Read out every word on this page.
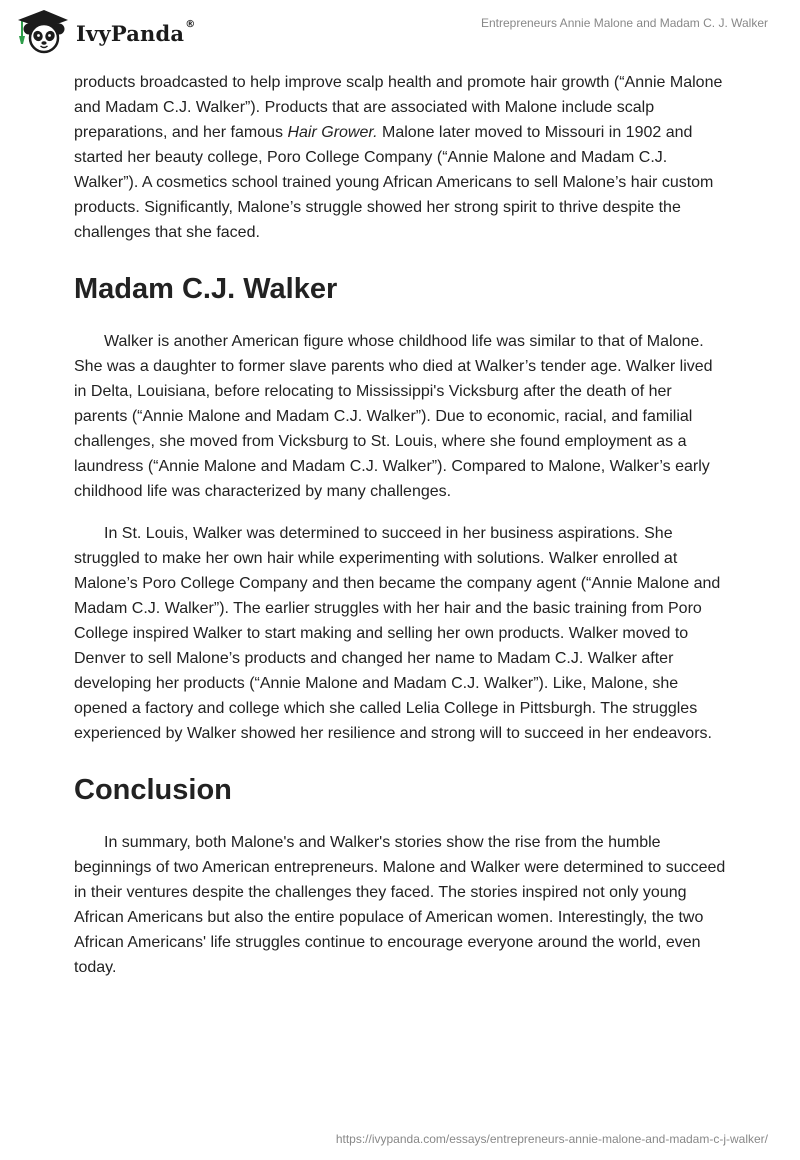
IvyPanda®	Entrepreneurs Annie Malone and Madam C. J. Walker

products broadcasted to help improve scalp health and promote hair growth (“Annie Malone and Madam C.J. Walker”). Products that are associated with Malone include scalp preparations, and her famous Hair Grower. Malone later moved to Missouri in 1902 and started her beauty college, Poro College Company (“Annie Malone and Madam C.J. Walker”). A cosmetics school trained young African Americans to sell Malone’s hair custom products. Significantly, Malone’s struggle showed her strong spirit to thrive despite the challenges that she faced.

Madam C.J. Walker

Walker is another American figure whose childhood life was similar to that of Malone. She was a daughter to former slave parents who died at Walker’s tender age. Walker lived in Delta, Louisiana, before relocating to Mississippi's Vicksburg after the death of her parents (“Annie Malone and Madam C.J. Walker”). Due to economic, racial, and familial challenges, she moved from Vicksburg to St. Louis, where she found employment as a laundress (“Annie Malone and Madam C.J. Walker”). Compared to Malone, Walker’s early childhood life was characterized by many challenges.

In St. Louis, Walker was determined to succeed in her business aspirations. She struggled to make her own hair while experimenting with solutions. Walker enrolled at Malone’s Poro College Company and then became the company agent (“Annie Malone and Madam C.J. Walker”). The earlier struggles with her hair and the basic training from Poro College inspired Walker to start making and selling her own products. Walker moved to Denver to sell Malone’s products and changed her name to Madam C.J. Walker after developing her products (“Annie Malone and Madam C.J. Walker”). Like, Malone, she opened a factory and college which she called Lelia College in Pittsburgh. The struggles experienced by Walker showed her resilience and strong will to succeed in her endeavors.

Conclusion

In summary, both Malone's and Walker's stories show the rise from the humble beginnings of two American entrepreneurs. Malone and Walker were determined to succeed in their ventures despite the challenges they faced. The stories inspired not only young African Americans but also the entire populace of American women. Interestingly, the two African Americans' life struggles continue to encourage everyone around the world, even today.

https://ivypanda.com/essays/entrepreneurs-annie-malone-and-madam-c-j-walker/
